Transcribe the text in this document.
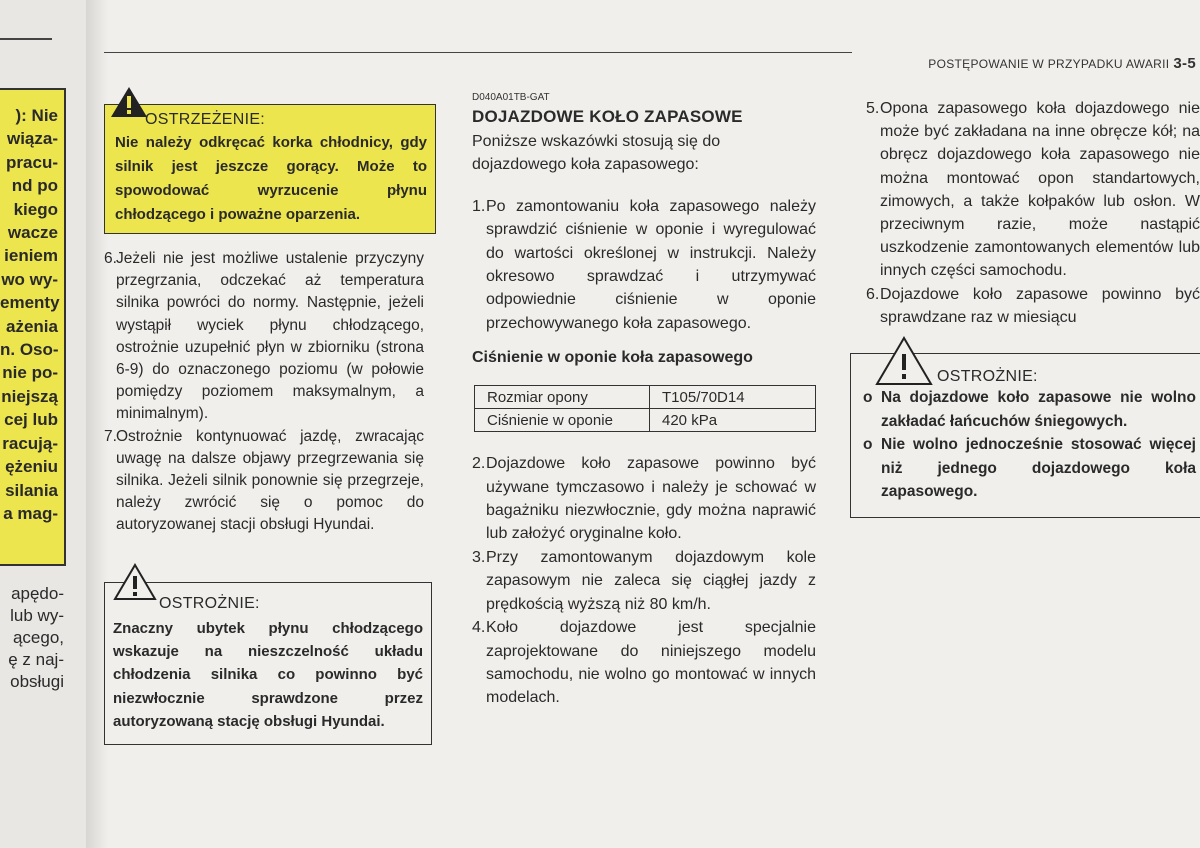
): Nie
wiąza-
pracu-
nd po
kiego
wacze
ieniem
wo wy-
ementy
ażenia
n. Oso-
nie po-
niejszą
cej lub
racują-
ężeniu
silania
a mag-
apędo-
lub wy-
ącego,
ę z naj-
obsługi
POSTĘPOWANIE W PRZYPADKU AWARII 3-5
OSTRZEŻENIE:
Nie należy odkręcać korka chłodnicy, gdy silnik jest jeszcze gorący. Może to spowodować wyrzucenie płynu chłodzącego i poważne oparzenia.
6. Jeżeli nie jest możliwe ustalenie przyczyny przegrzania, odczekać aż temperatura silnika powróci do normy. Następnie, jeżeli wystąpił wyciek płynu chłodzącego, ostrożnie uzupełnić płyn w zbiorniku (strona 6-9) do oznaczonego poziomu (w połowie pomiędzy poziomem maksymalnym, a minimalnym).
7. Ostrożnie kontynuować jazdę, zwracając uwagę na dalsze objawy przegrzewania się silnika. Jeżeli silnik ponownie się przegrzeje, należy zwrócić się o pomoc do autoryzowanej stacji obsługi Hyundai.
OSTROŻNIE:
Znaczny ubytek płynu chłodzącego wskazuje na nieszczelność układu chłodzenia silnika co powinno być niezwłocznie sprawdzone przez autoryzowaną stację obsługi Hyundai.
D040A01TB-GAT
DOJAZDOWE KOŁO ZAPASOWE
Poniższe wskazówki stosują się do dojazdowego koła zapasowego:
1. Po zamontowaniu koła zapasowego należy sprawdzić ciśnienie w oponie i wyregulować do wartości określonej w instrukcji. Należy okresowo sprawdzać i utrzymywać odpowiednie ciśnienie w oponie przechowywanego koła zapasowego.
Ciśnienie w oponie koła zapasowego
Rozmiar opony	T105/70D14
Ciśnienie w oponie	420 kPa
2. Dojazdowe koło zapasowe powinno być używane tymczasowo i należy je schować w bagażniku niezwłocznie, gdy można naprawić lub założyć oryginalne koło.
3. Przy zamontowanym dojazdowym kole zapasowym nie zaleca się ciągłej jazdy z prędkością wyższą niż 80 km/h.
4. Koło dojazdowe jest specjalnie zaprojektowane do niniejszego modelu samochodu, nie wolno go montować w innych modelach.
5. Opona zapasowego koła dojazdowego nie może być zakładana na inne obręcze kół; na obręcz dojazdowego koła zapasowego nie można montować opon standartowych, zimowych, a także kołpaków lub osłon. W przeciwnym razie, może nastąpić uszkodzenie zamontowanych elementów lub innych części samochodu.
6. Dojazdowe koło zapasowe powinno być sprawdzane raz w miesiącu
OSTROŻNIE:
o Na dojazdowe koło zapasowe nie wolno zakładać łańcuchów śniegowych.
o Nie wolno jednocześnie stosować więcej niż jednego dojazdowego koła zapasowego.
